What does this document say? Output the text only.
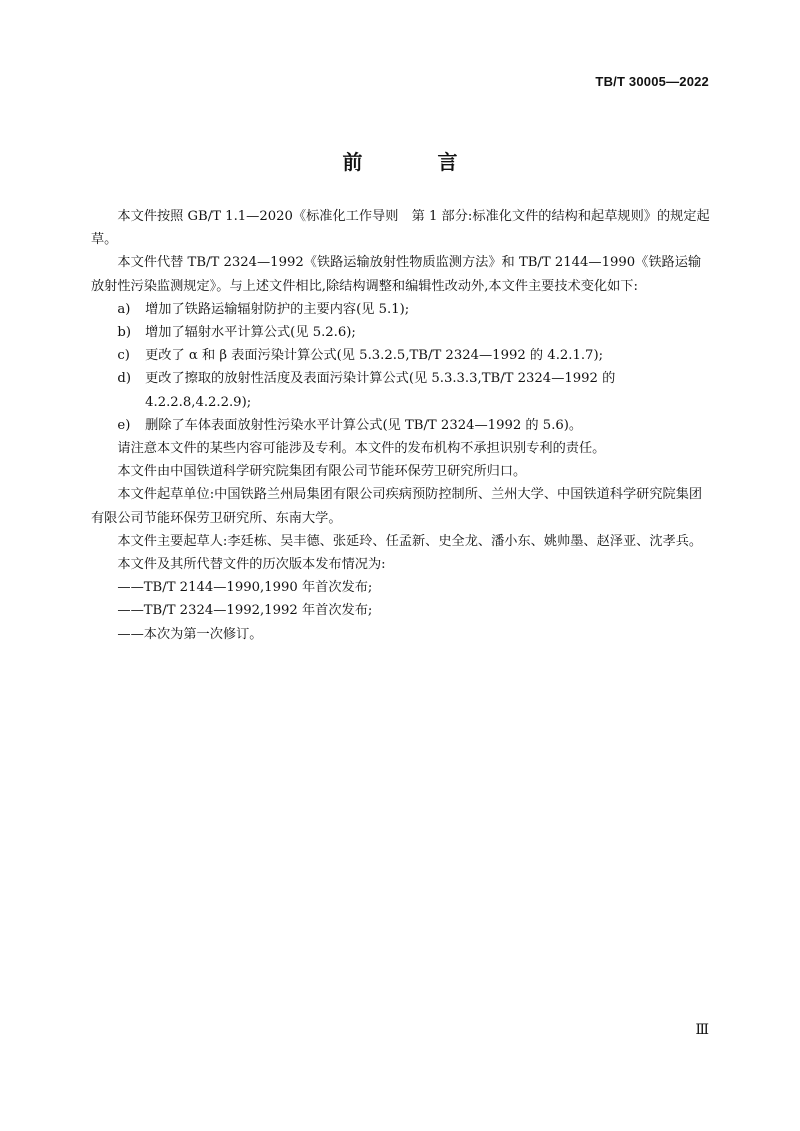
TB/T 30005—2022
前 言

本文件按照 GB/T 1.1—2020《标准化工作导则　第 1 部分:标准化文件的结构和起草规则》的规定起草。

本文件代替 TB/T 2324—1992《铁路运输放射性物质监测方法》和 TB/T 2144—1990《铁路运输放射性污染监测规定》。与上述文件相比,除结构调整和编辑性改动外,本文件主要技术变化如下:

a)	增加了铁路运输辐射防护的主要内容(见 5.1);
b)	增加了辐射水平计算公式(见 5.2.6);
c)	更改了 α 和 β 表面污染计算公式(见 5.3.2.5,TB/T 2324—1992 的 4.2.1.7);
d)	更改了擦取的放射性活度及表面污染计算公式(见 5.3.3.3,TB/T 2324—1992 的 4.2.2.8,4.2.2.9);
e)	删除了车体表面放射性污染水平计算公式(见 TB/T 2324—1992 的 5.6)。

请注意本文件的某些内容可能涉及专利。本文件的发布机构不承担识别专利的责任。

本文件由中国铁道科学研究院集团有限公司节能环保劳卫研究所归口。

本文件起草单位:中国铁路兰州局集团有限公司疾病预防控制所、兰州大学、中国铁道科学研究院集团有限公司节能环保劳卫研究所、东南大学。

本文件主要起草人:李廷栋、吴丰德、张延玲、任孟新、史全龙、潘小东、姚帅墨、赵泽亚、沈孝兵。

本文件及其所代替文件的历次版本发布情况为:

——TB/T 2144—1990,1990 年首次发布;
——TB/T 2324—1992,1992 年首次发布;
——本次为第一次修订。
Ⅲ
